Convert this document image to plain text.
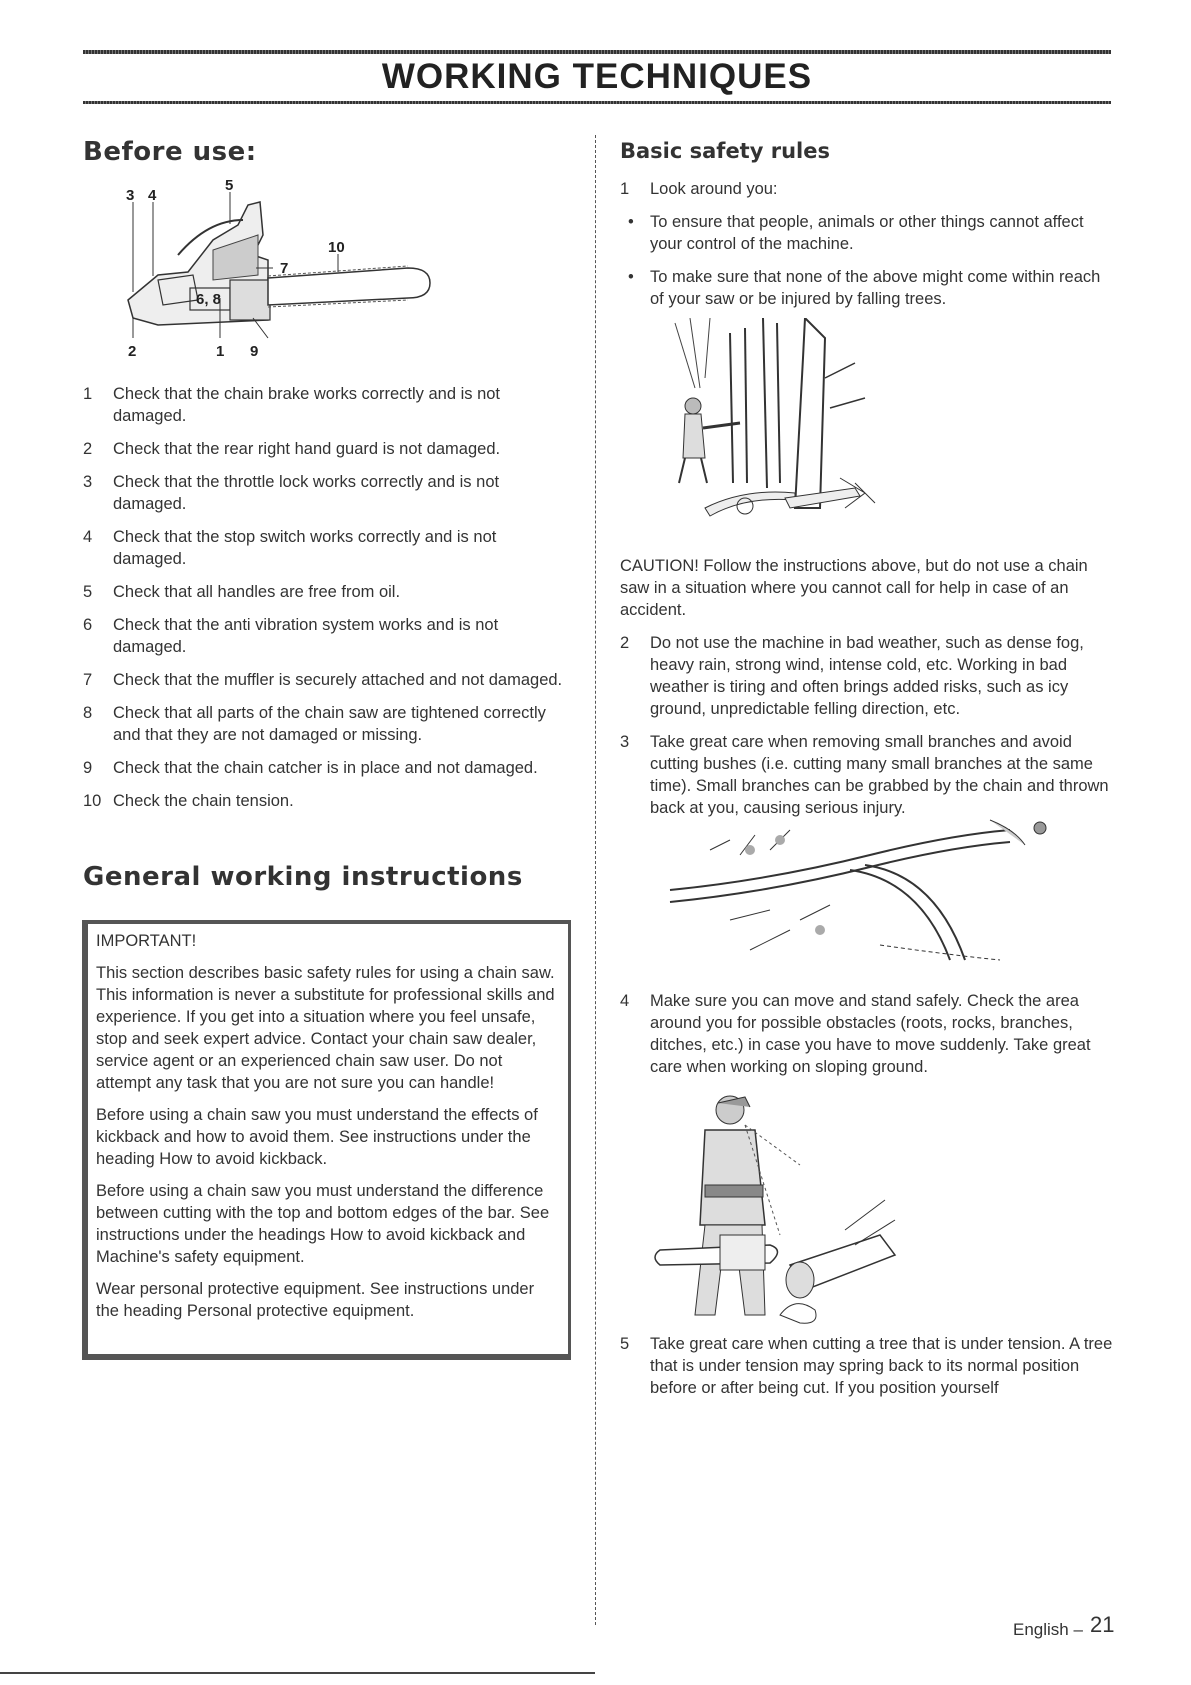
WORKING TECHNIQUES
Before use:
3 4
5
7
10
6, 8
2	1 9
1	Check that the chain brake works correctly and is not damaged.
2	Check that the rear right hand guard is not damaged.
3	Check that the throttle lock works correctly and is not damaged.
4	Check that the stop switch works correctly and is not damaged.
5	Check that all handles are free from oil.
6	Check that the anti vibration system works and is not damaged.
7	Check that the muffler is securely attached and not damaged.
8	Check that all parts of the chain saw are tightened correctly and that they are not damaged or missing.
9	Check that the chain catcher is in place and not damaged.
10 Check the chain tension.
General working instructions
IMPORTANT!

This section describes basic safety rules for using a chain saw. This information is never a substitute for professional skills and experience. If you get into a situation where you feel unsafe, stop and seek expert advice. Contact your chain saw dealer, service agent or an experienced chain saw user. Do not attempt any task that you are not sure you can handle!

Before using a chain saw you must understand the effects of kickback and how to avoid them. See instructions under the heading How to avoid kickback.

Before using a chain saw you must understand the difference between cutting with the top and bottom edges of the bar. See instructions under the headings How to avoid kickback and Machine's safety equipment.

Wear personal protective equipment. See instructions under the heading Personal protective equipment.

Basic safety rules
1	Look around you:
• To ensure that people, animals or other things cannot affect your control of the machine.
• To make sure that none of the above might come within reach of your saw or be injured by falling trees.

CAUTION! Follow the instructions above, but do not use a chain saw in a situation where you cannot call for help in case of an accident.

2	Do not use the machine in bad weather, such as dense fog, heavy rain, strong wind, intense cold, etc. Working in bad weather is tiring and often brings added risks, such as icy ground, unpredictable felling direction, etc.
3	Take great care when removing small branches and avoid cutting bushes (i.e. cutting many small branches at the same time). Small branches can be grabbed by the chain and thrown back at you, causing serious injury.
4	Make sure you can move and stand safely. Check the area around you for possible obstacles (roots, rocks, branches, ditches, etc.) in case you have to move suddenly. Take great care when working on sloping ground.
5	Take great care when cutting a tree that is under tension. A tree that is under tension may spring back to its normal position before or after being cut. If you position yourself
English – 21
